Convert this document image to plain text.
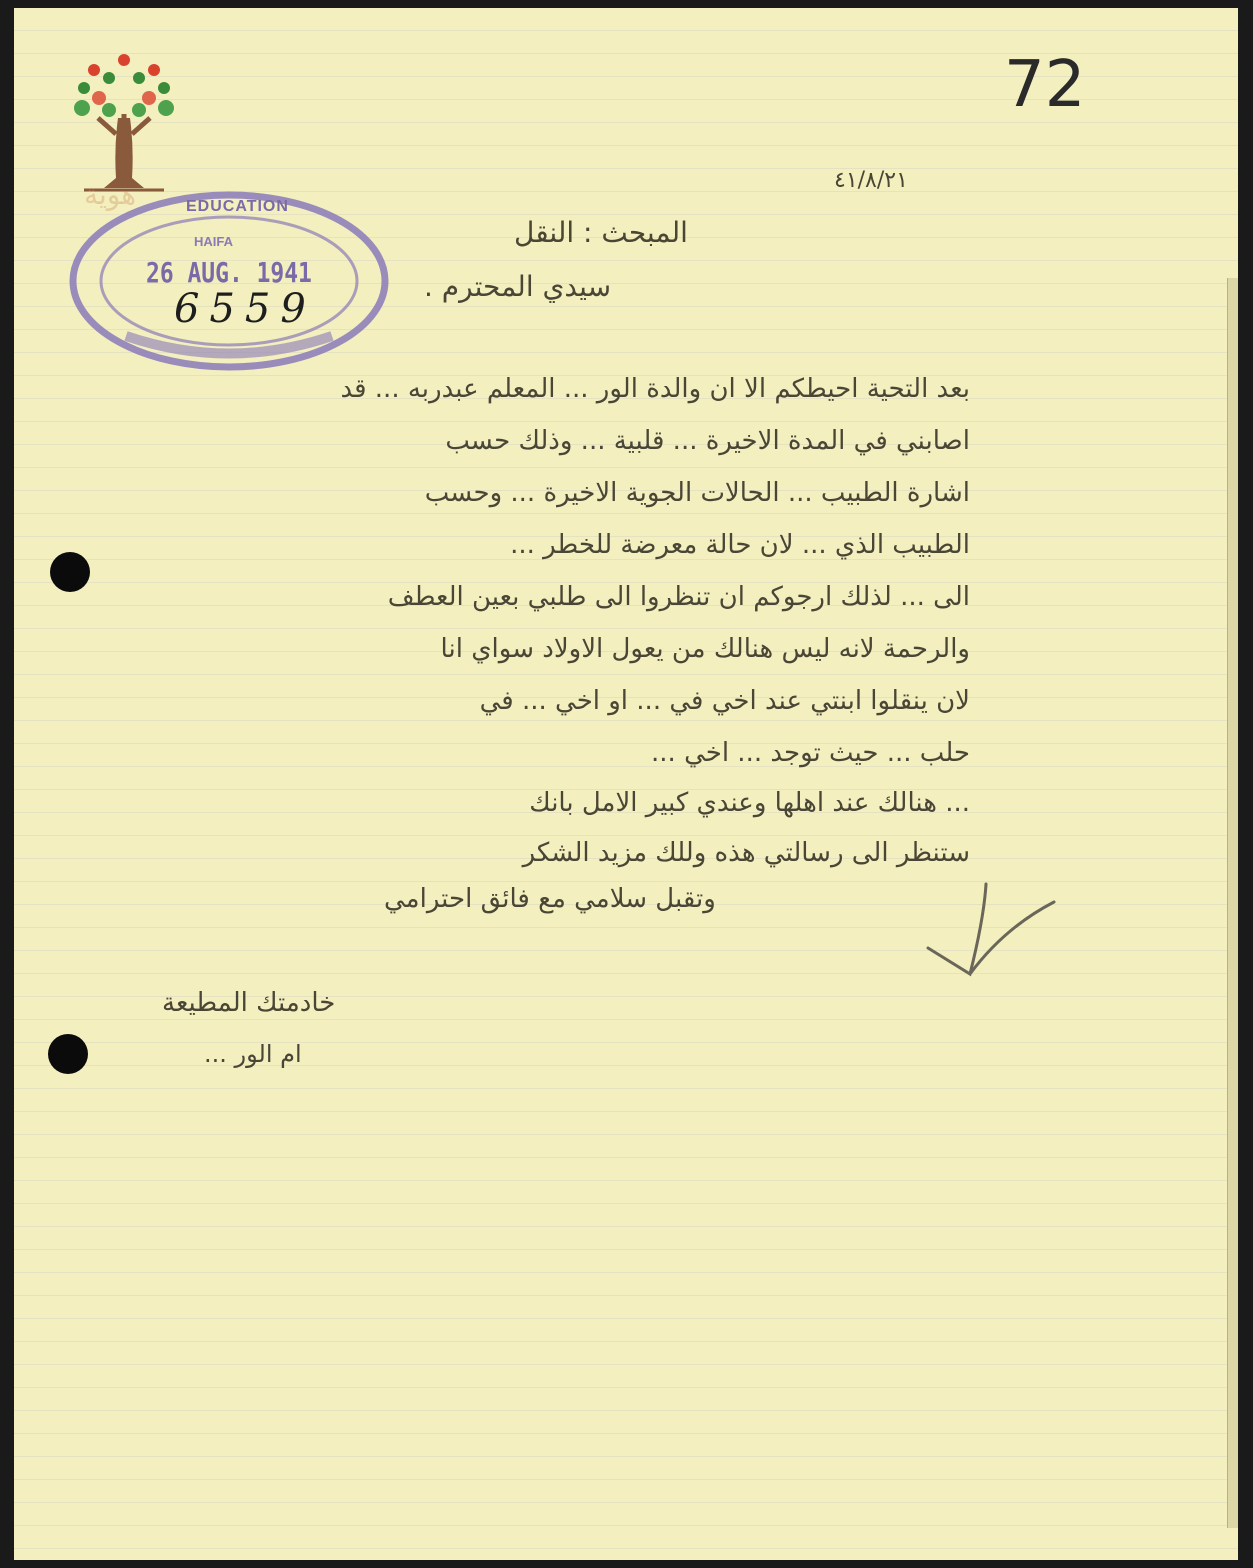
هوية	EDUCATION
HAIFA
26 AUG. 1941
6559
72
٤١/٨/٢١
المبحث : النقل
سيدي المحترم .
بعد التحية احيطكم الا ان والدة الور ... المعلم عبدربه ... قد
اصابني في المدة الاخيرة ... قلبية ... وذلك حسب
اشارة الطبيب ... الحالات الجوية الاخيرة ... وحسب
الطبيب الذي ... لان حالة معرضة للخطر ...
الى ... لذلك ارجوكم ان تنظروا الى طلبي بعين العطف
والرحمة لانه ليس هنالك من يعول الاولاد سواي انا
لان ينقلوا ابنتي عند اخي في ... او اخي ... في
حلب ... حيث توجد ... اخي ...
... هنالك عند اهلها وعندي كبير الامل بانك
ستنظر الى رسالتي هذه وللك مزيد الشكر
وتقبل سلامي مع فائق احترامي
خادمتك المطيعة
ام الور ...
